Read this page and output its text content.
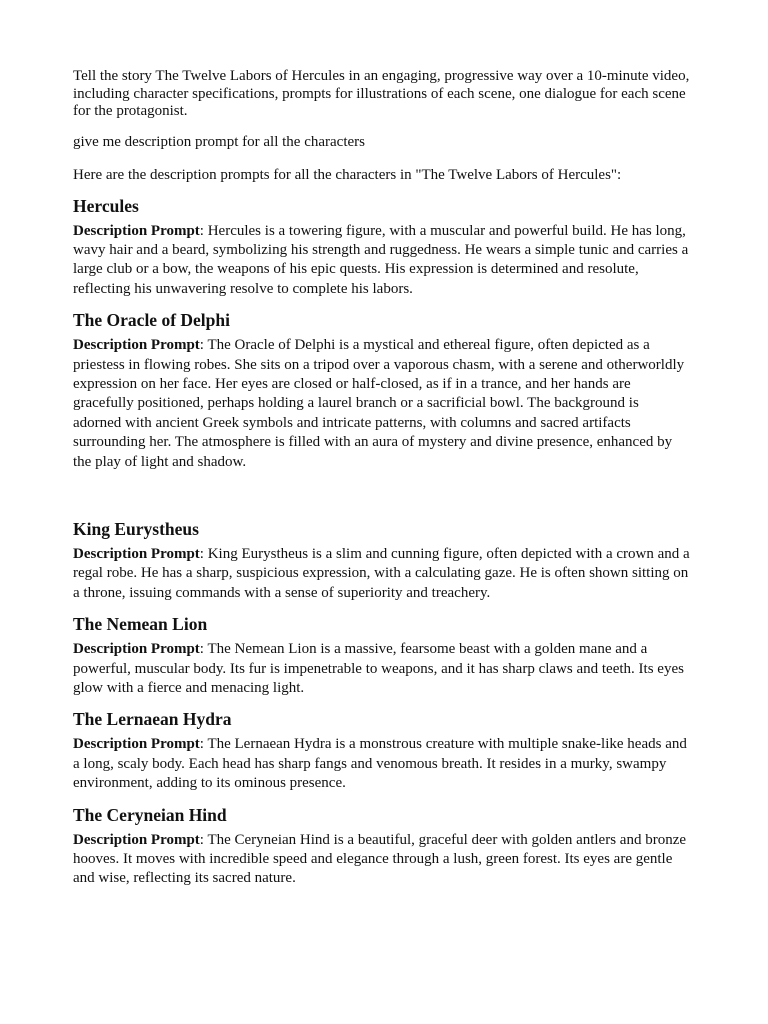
Tell the story The Twelve Labors of Hercules in an engaging, progressive way over a 10-minute video, including character specifications, prompts for illustrations of each scene, one dialogue for each scene for the protagonist.

give me description prompt for all the characters

Here are the description prompts for all the characters in "The Twelve Labors of Hercules":

Hercules

Description Prompt: Hercules is a towering figure, with a muscular and powerful build. He has long, wavy hair and a beard, symbolizing his strength and ruggedness. He wears a simple tunic and carries a large club or a bow, the weapons of his epic quests. His expression is determined and resolute, reflecting his unwavering resolve to complete his labors.

The Oracle of Delphi

Description Prompt: The Oracle of Delphi is a mystical and ethereal figure, often depicted as a priestess in flowing robes. She sits on a tripod over a vaporous chasm, with a serene and otherworldly expression on her face. Her eyes are closed or half-closed, as if in a trance, and her hands are gracefully positioned, perhaps holding a laurel branch or a sacrificial bowl. The background is adorned with ancient Greek symbols and intricate patterns, with columns and sacred artifacts surrounding her. The atmosphere is filled with an aura of mystery and divine presence, enhanced by the play of light and shadow.

King Eurystheus

Description Prompt: King Eurystheus is a slim and cunning figure, often depicted with a crown and a regal robe. He has a sharp, suspicious expression, with a calculating gaze. He is often shown sitting on a throne, issuing commands with a sense of superiority and treachery.

The Nemean Lion

Description Prompt: The Nemean Lion is a massive, fearsome beast with a golden mane and a powerful, muscular body. Its fur is impenetrable to weapons, and it has sharp claws and teeth. Its eyes glow with a fierce and menacing light.

The Lernaean Hydra

Description Prompt: The Lernaean Hydra is a monstrous creature with multiple snake-like heads and a long, scaly body. Each head has sharp fangs and venomous breath. It resides in a murky, swampy environment, adding to its ominous presence.

The Ceryneian Hind

Description Prompt: The Ceryneian Hind is a beautiful, graceful deer with golden antlers and bronze hooves. It moves with incredible speed and elegance through a lush, green forest. Its eyes are gentle and wise, reflecting its sacred nature.
